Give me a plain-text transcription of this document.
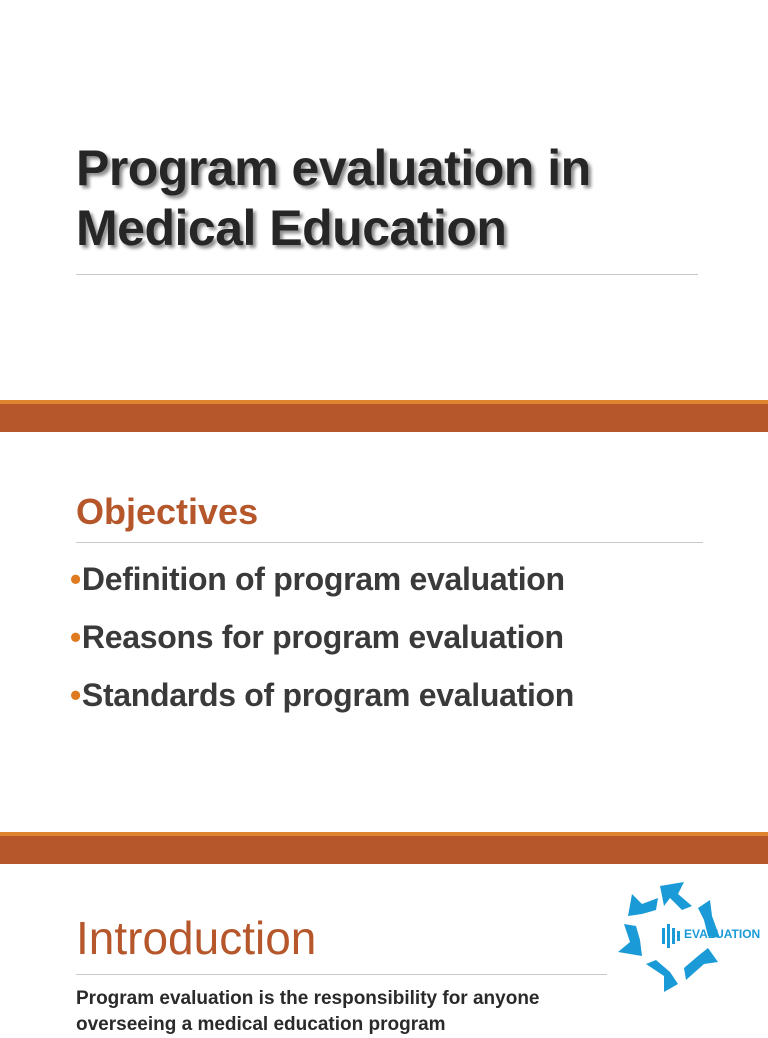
Program evaluation in
Medical Education
Objectives
•Definition of program evaluation
•Reasons for program evaluation
•Standards of program evaluation
Introduction
Program evaluation is the responsibility for anyone overseeing a medical education program
EVALUATION
